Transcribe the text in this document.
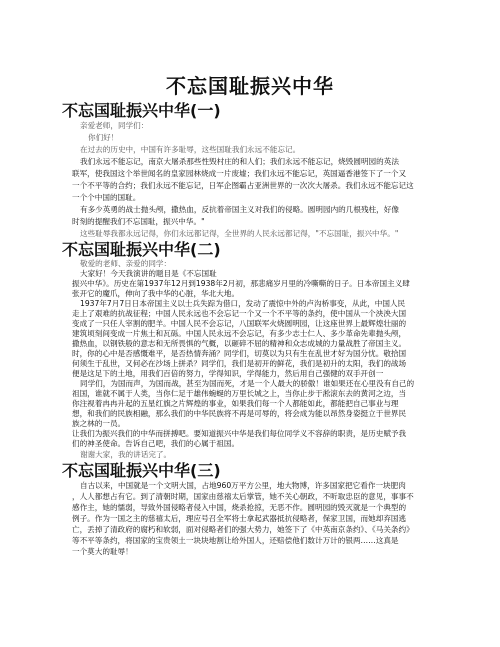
不忘国耻振兴中华
不忘国耻振兴中华(一)
亲爱老师，同学们：
你们好！
在过去的历史中，中国有许多耻辱，这些国耻我们永远不能忘记。
我们永远不能忘记，南京大屠杀那些性毁村庄的和人们；我们永远不能忘记，烧毁圆明园的英法
联军，使我国这个举世闻名的皇家园林烧成一片废墟；我们永远不能忘记，英国逼香港签下了一个又
一个不平等的合约；我们永远不能忘记，日军企图霸占亚洲世界的一次次大屠杀。我们永远不能忘记这
一个个中国的国耻。
有多少英勇的战士抛头颅，撒热血，反抗着帝国主义对我们的侵略。圆明园内的几根残柱，好像
时刻的提醒我们不忘国耻，振兴中华。"
这些耻辱我都永远记得，你们永远都记得，全世界的人民永远都记得，"不忘国耻，振兴中华。"
不忘国耻振兴中华(二)
敬爱的老师、亲爱的同学：
大家好！今天我演讲的题目是《不忘国耻
振兴中华》。历史在第1937年12月到1938年2月初，那悲痛岁月里的冷嘶嘶的日子。日本帝国主义肆
张开它的魔爪，伸向了我中华的心脏，华北大地。
1937年7月7日日本帝国主义以士兵失踪为借口，发动了震惊中外的卢沟桥事变，从此，中国人民
走上了艰难的抗战征程；中国人民永远也不会忘记一个又一个不平等的条约，使中国从一个泱泱大国
变成了一只任人宰割的肥羊。中国人民不会忘记，八国联军火烧圆明园，让这座世界上最辉煌壮丽的
建筑顷刻间变成一片焦土和瓦砾。中国人民永远不会忘记，有多少志士仁人、多少革命先辈抛头颅，
撒热血，以钢铁般的意志和无所畏惧的气概，以砸碎不屈的精神和众志成城的力量战胜了帝国主义。
时，你的心中是否感慨难平，是否热情奔涌？同学们，切莫以为只有生在乱世才好为国分忧。敬拾国
何须生于乱世，又何必在沙场上拼杀？同学们，我们是初开的鲜花，我们是初升的太阳，我们的战场
便是这足下的土地，用我们百倍的努力，学得知识，学得能力，然后用自己强健的双手开创一
同学们，为国而声，为国而战，甚至为国而死，才是一个人最大的骄傲！谁如果还在心里没有自己的
祖国，谁就不属于人类，当你仁足于雄伟蜿蜒的万里长城之上，当你止步于淞滚东去的黄河之边，当
你注视着冉冉升起的五星红旗之片辉煌的事业，如果我们每一个人都能如此，都能把自己事业与理
想，和我们的民族相融，那么我们的中华民族将不再是可辱的，将会成为能以昂然身姿挺立于世界民
族之林的一员。
让我们为振兴我们的中华而拼搏吧。要知道振兴中华是我们每位同学义不容辞的职责，是历史赋予我
们的神圣使命。告诉自己吧，我们的心属于祖国。
谢谢大家，我的讲话完了。
不忘国耻振兴中华(三)
自古以来，中国就是一个文明大国，占地960万平方公里，地大物博，许多国家把它看作一块肥肉
，人人都想占有它。到了清朝时期，国家由慈禧太后掌管，她不关心朝政，不听取忠臣的意见，事事不
感作主，她的懦弱，导致外国侵略者侵入中国，烧杀抢掠，无恶不作。圆明园的毁灭就是一个典型的
例子。作为一国之主的慈禧太后，理应号召全军将士拿起武器抵抗侵略者，保家卫国，而她却弃国逃
亡，丢掉了清政府的腐朽和软弱，面对侵略者们的强大势力，她签下了《中英南京条约》、《马关条约》
等不平等条约，将国家的宝贵领土一块块地割让给外国人，还赔偿他们数计万计的银两……这真是
一个莫大的耻辱！
